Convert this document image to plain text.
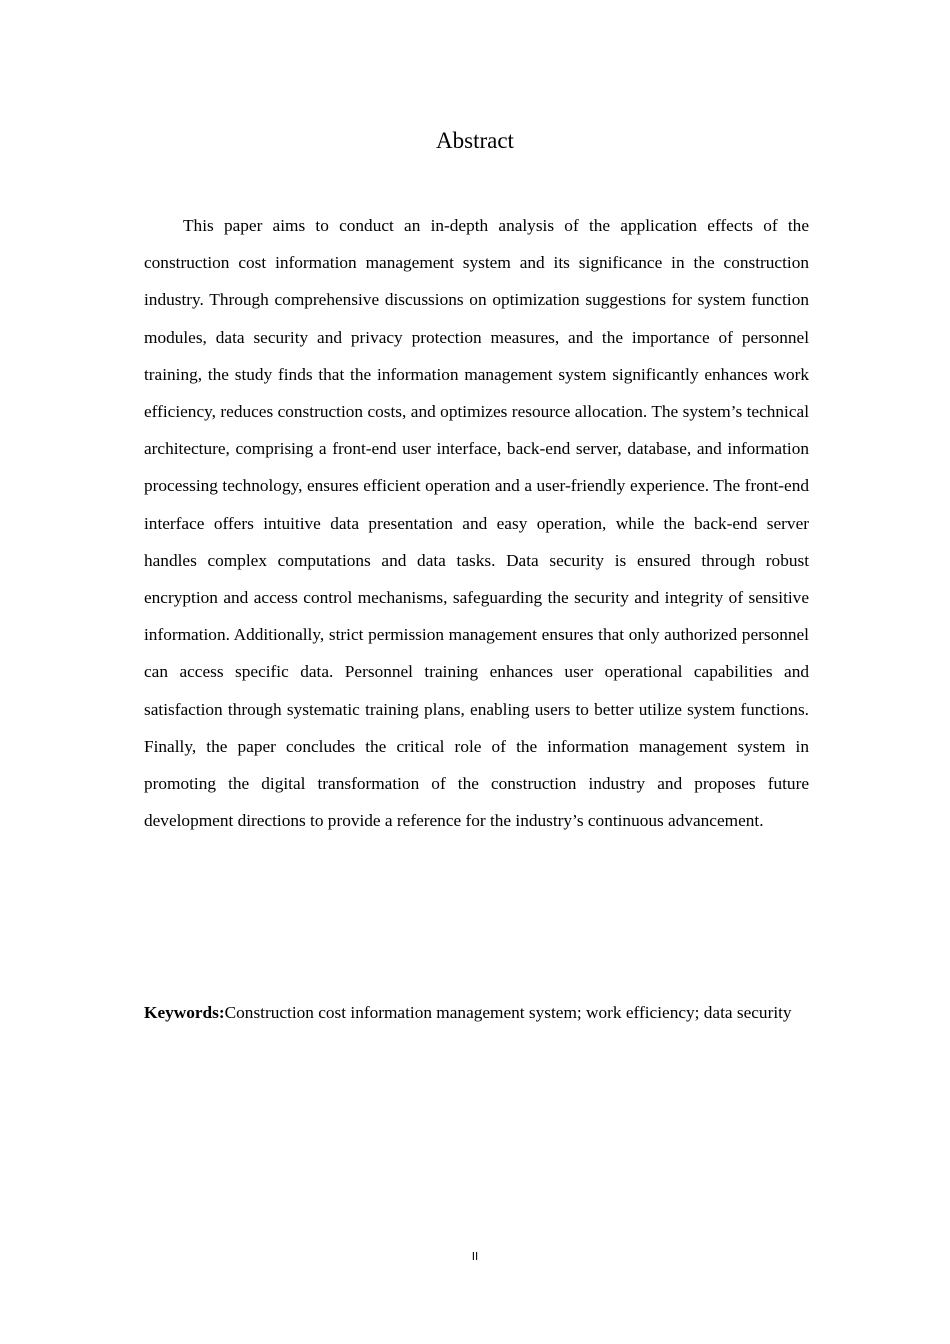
Abstract

This paper aims to conduct an in-depth analysis of the application effects of the construction cost information management system and its significance in the construction industry. Through comprehensive discussions on optimization suggestions for system function modules, data security and privacy protection measures, and the importance of personnel training, the study finds that the information management system significantly enhances work efficiency, reduces construction costs, and optimizes resource allocation. The system’s technical architecture, comprising a front-end user interface, back-end server, database, and information processing technology, ensures efficient operation and a user-friendly experience. The front-end interface offers intuitive data presentation and easy operation, while the back-end server handles complex computations and data tasks. Data security is ensured through robust encryption and access control mechanisms, safeguarding the security and integrity of sensitive information. Additionally, strict permission management ensures that only authorized personnel can access specific data. Personnel training enhances user operational capabilities and satisfaction through systematic training plans, enabling users to better utilize system functions. Finally, the paper concludes the critical role of the information management system in promoting the digital transformation of the construction industry and proposes future development directions to provide a reference for the industry’s continuous advancement.

Keywords:Construction cost information management system; work efficiency; data security

II
